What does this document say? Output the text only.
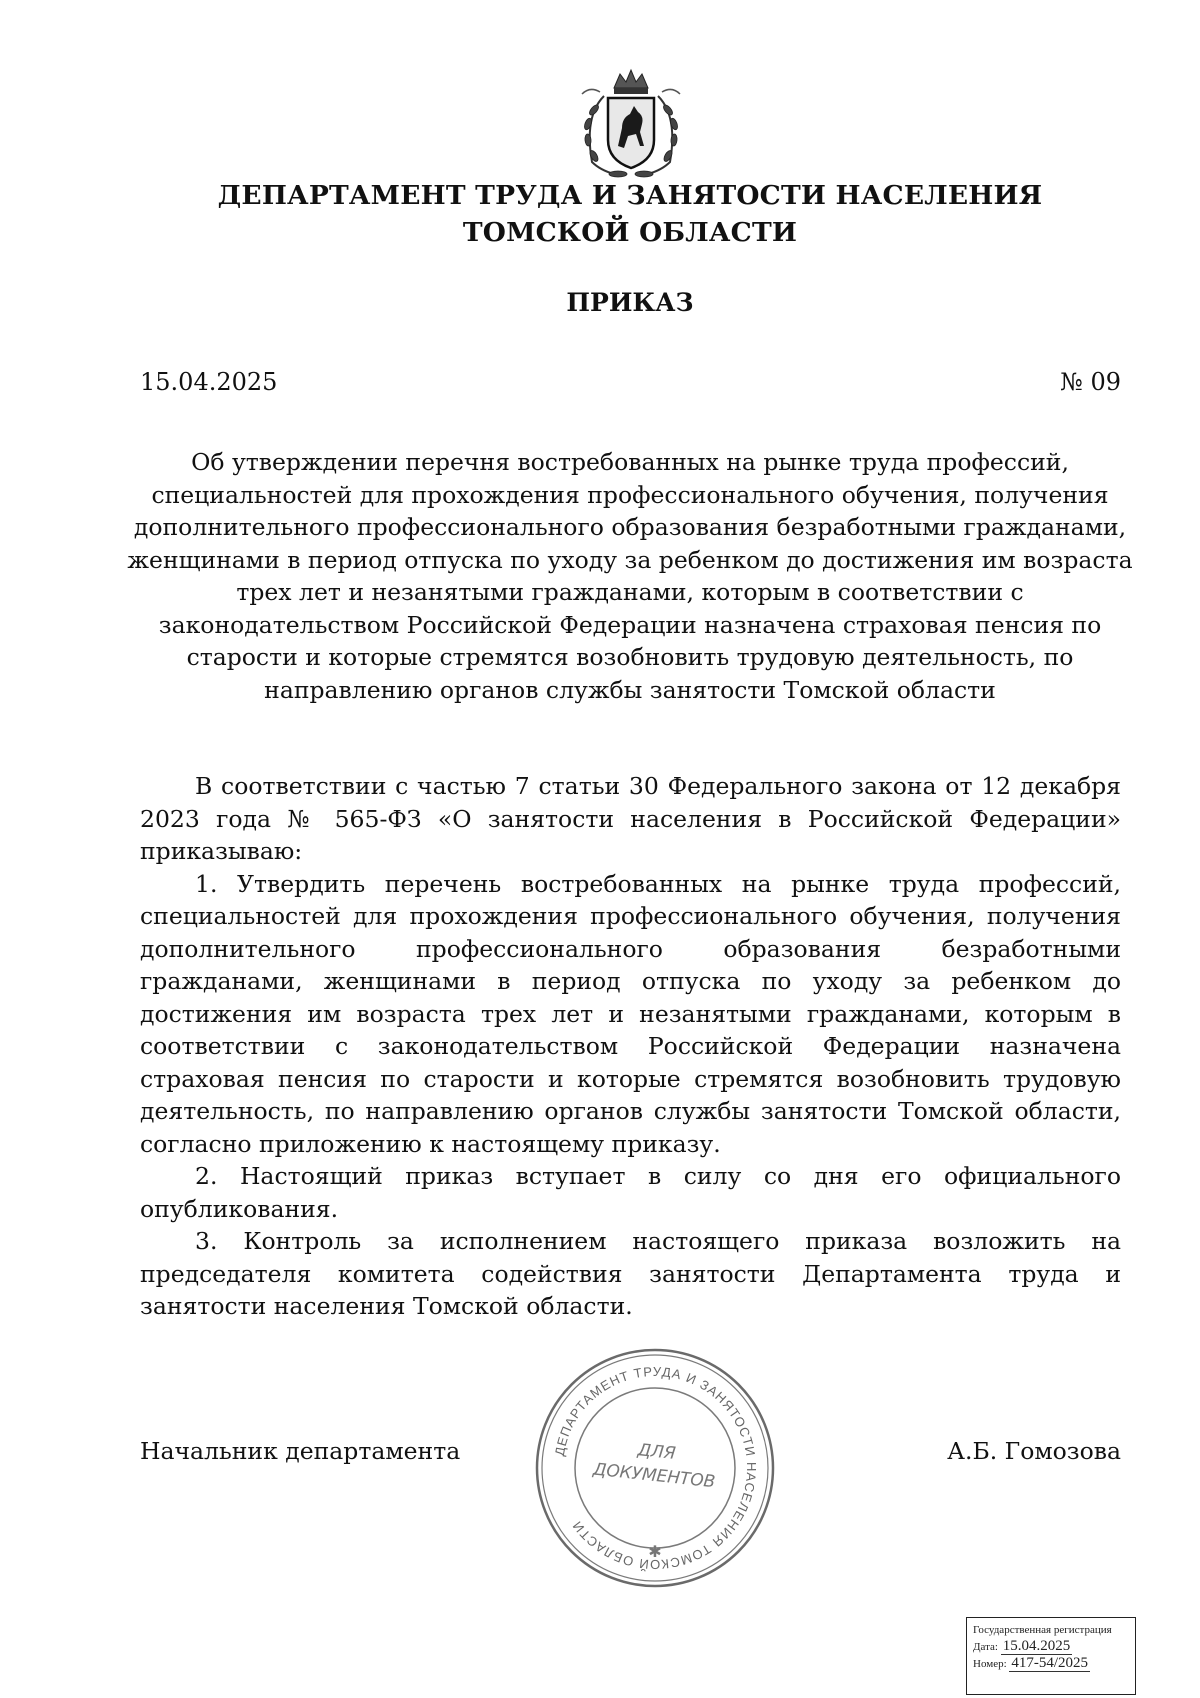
ДЕПАРТАМЕНТ ТРУДА И ЗАНЯТОСТИ НАСЕЛЕНИЯ
ТОМСКОЙ ОБЛАСТИ
ПРИКАЗ
15.04.2025	№ 09
Об утверждении перечня востребованных на рынке труда профессий, специальностей для прохождения профессионального обучения, получения дополнительного профессионального образования безработными гражданами, женщинами в период отпуска по уходу за ребенком до достижения им возраста трех лет и незанятыми гражданами, которым в соответствии с законодательством Российской Федерации назначена страховая пенсия по старости и которые стремятся возобновить трудовую деятельность, по направлению органов службы занятости Томской области

В соответствии с частью 7 статьи 30 Федерального закона от 12 декабря 2023 года № 565-ФЗ «О занятости населения в Российской Федерации» приказываю:

1. Утвердить перечень востребованных на рынке труда профессий, специальностей для прохождения профессионального обучения, получения дополнительного профессионального образования безработными гражданами, женщинами в период отпуска по уходу за ребенком до достижения им возраста трех лет и незанятыми гражданами, которым в соответствии с законодательством Российской Федерации назначена страховая пенсия по старости и которые стремятся возобновить трудовую деятельность, по направлению органов службы занятости Томской области, согласно приложению к настоящему приказу.

2. Настоящий приказ вступает в силу со дня его официального опубликования.

3. Контроль за исполнением настоящего приказа возложить на председателя комитета содействия занятости Департамента труда и занятости населения Томской области.

Начальник департамента	А.Б. Гомозова
ДЕПАРТАМЕНТ ТРУДА И ЗАНЯТОСТИ НАСЕЛЕНИЯ ТОМСКОЙ ОБЛАСТИ
ДЛЯ
ДОКУМЕНТОВ
✱
Государственная регистрация
Дата: 15.04.2025
Номер: 417-54/2025
